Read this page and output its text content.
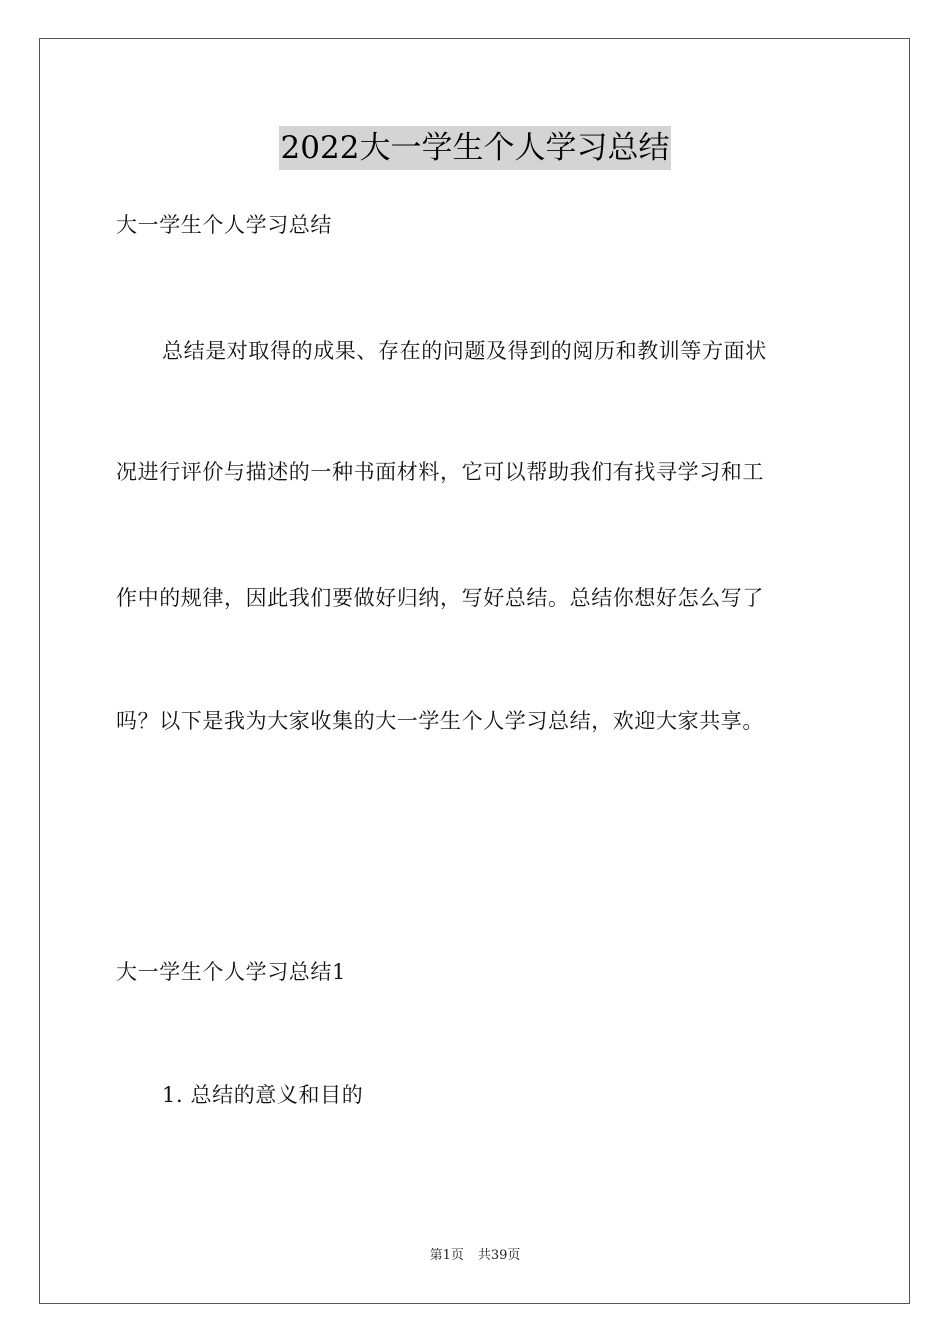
2022大一学生个人学习总结
大一学生个人学习总结
总结是对取得的成果、存在的问题及得到的阅历和教训等方面状
况进行评价与描述的一种书面材料，它可以帮助我们有找寻学习和工
作中的规律，因此我们要做好归纳，写好总结。总结你想好怎么写了
吗？以下是我为大家收集的大一学生个人学习总结，欢迎大家共享。
大一学生个人学习总结1
1. 总结的意义和目的
第1页 共39页
